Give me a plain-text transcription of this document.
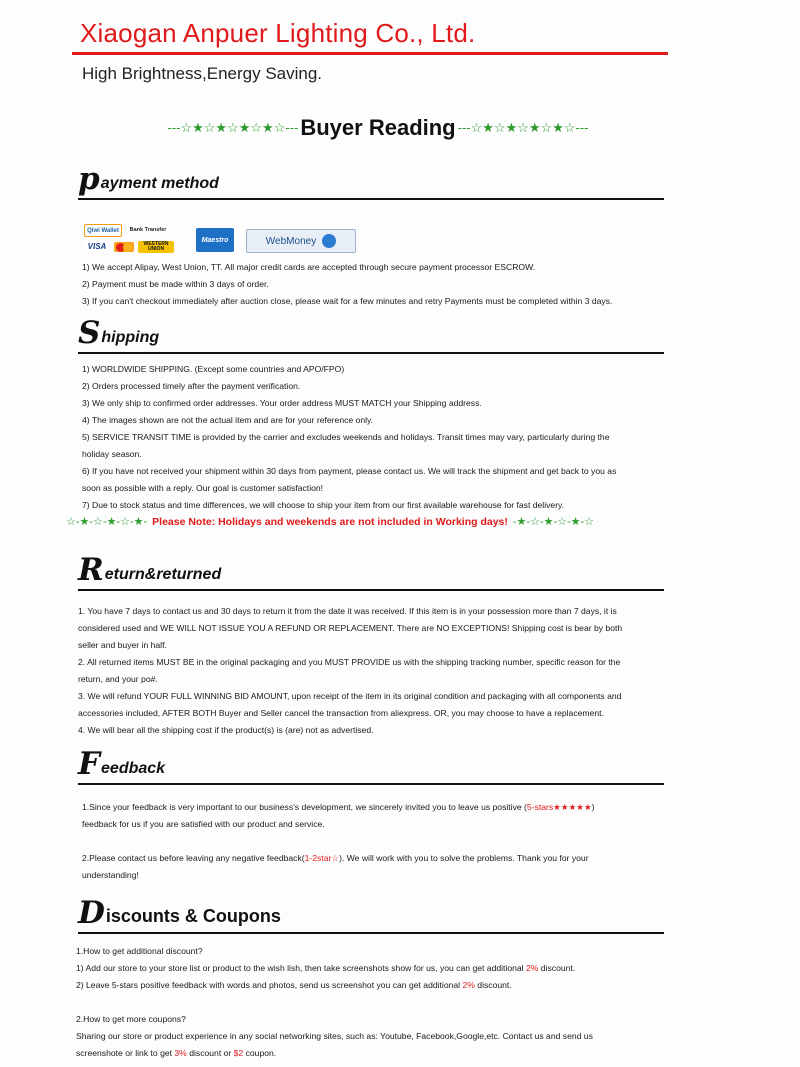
Xiaogan Anpuer Lighting Co., Ltd.
High Brightness,Energy Saving.
---☆★☆★☆★☆★☆--- Buyer Reading ---☆★☆★☆★☆★☆---
p ayment method
Qiwi Wallet	Bank Transfer
VISA	WESTERN UNION
Maestro	WebMoney
1) We accept Alipay, West Union, TT. All major credit cards are accepted through secure payment processor ESCROW.
2) Payment must be made within 3 days of order.
3) If you can't checkout immediately after auction close, please wait for a few minutes and retry Payments must be completed within 3 days.
S hipping
1) WORLDWIDE SHIPPING. (Except some countries and APO/FPO)
2) Orders processed timely after the payment verification.
3) We only ship to confirmed order addresses. Your order address MUST MATCH your Shipping address.
4) The images shown are not the actual item and are for your reference only.
5) SERVICE TRANSIT TIME is provided by the carrier and excludes weekends and holidays. Transit times may vary, particularly during the
holiday season.
6) If you have not received your shipment within 30 days from payment, please contact us. We will track the shipment and get back to you as
soon as possible with a reply. Our goal is customer satisfaction!
7) Due to stock status and time differences, we will choose to ship your item from our first available warehouse for fast delivery.
☆-★-☆-★-☆-★- Please Note: Holidays and weekends are not included in Working days! -★-☆-★-☆-★-☆
R eturn&returned
1. You have 7 days to contact us and 30 days to return it from the date it was received. If this item is in your possession more than 7 days, it is
considered used and WE WILL NOT ISSUE YOU A REFUND OR REPLACEMENT. There are NO EXCEPTIONS! Shipping cost is bear by both
seller and buyer in half.
2. All returned items MUST BE in the original packaging and you MUST PROVIDE us with the shipping tracking number, specific reason for the
return, and your po#.
3. We will refund YOUR FULL WINNING BID AMOUNT, upon receipt of the item in its original condition and packaging with all components and
accessories included, AFTER BOTH Buyer and Seller cancel the transaction from aliexpress. OR, you may choose to have a replacement.
4. We will bear all the shipping cost if the product(s) is (are) not as advertised.
F eedback
1.Since your feedback is very important to our business's development, we sincerely invited you to leave us positive (5-stars★★★★★)
feedback for us if you are satisfied with our product and service.
2.Please contact us before leaving any negative feedback(1-2star☆). We will work with you to solve the problems. Thank you for your
understanding!
D iscounts & Coupons
1.How to get additional discount?
1) Add our store to your store list or product to the wish lish, then take screenshots show for us, you can get additional 2% discount.
2) Leave 5-stars positive feedback with words and photos, send us screenshot you can get additional 2% discount.
2.How to get more coupons?
Sharing our store or product experience in any social networking sites, such as: Youtube, Facebook,Google,etc. Contact us and send us
screenshote or link to get 3% discount or $2 coupon.
